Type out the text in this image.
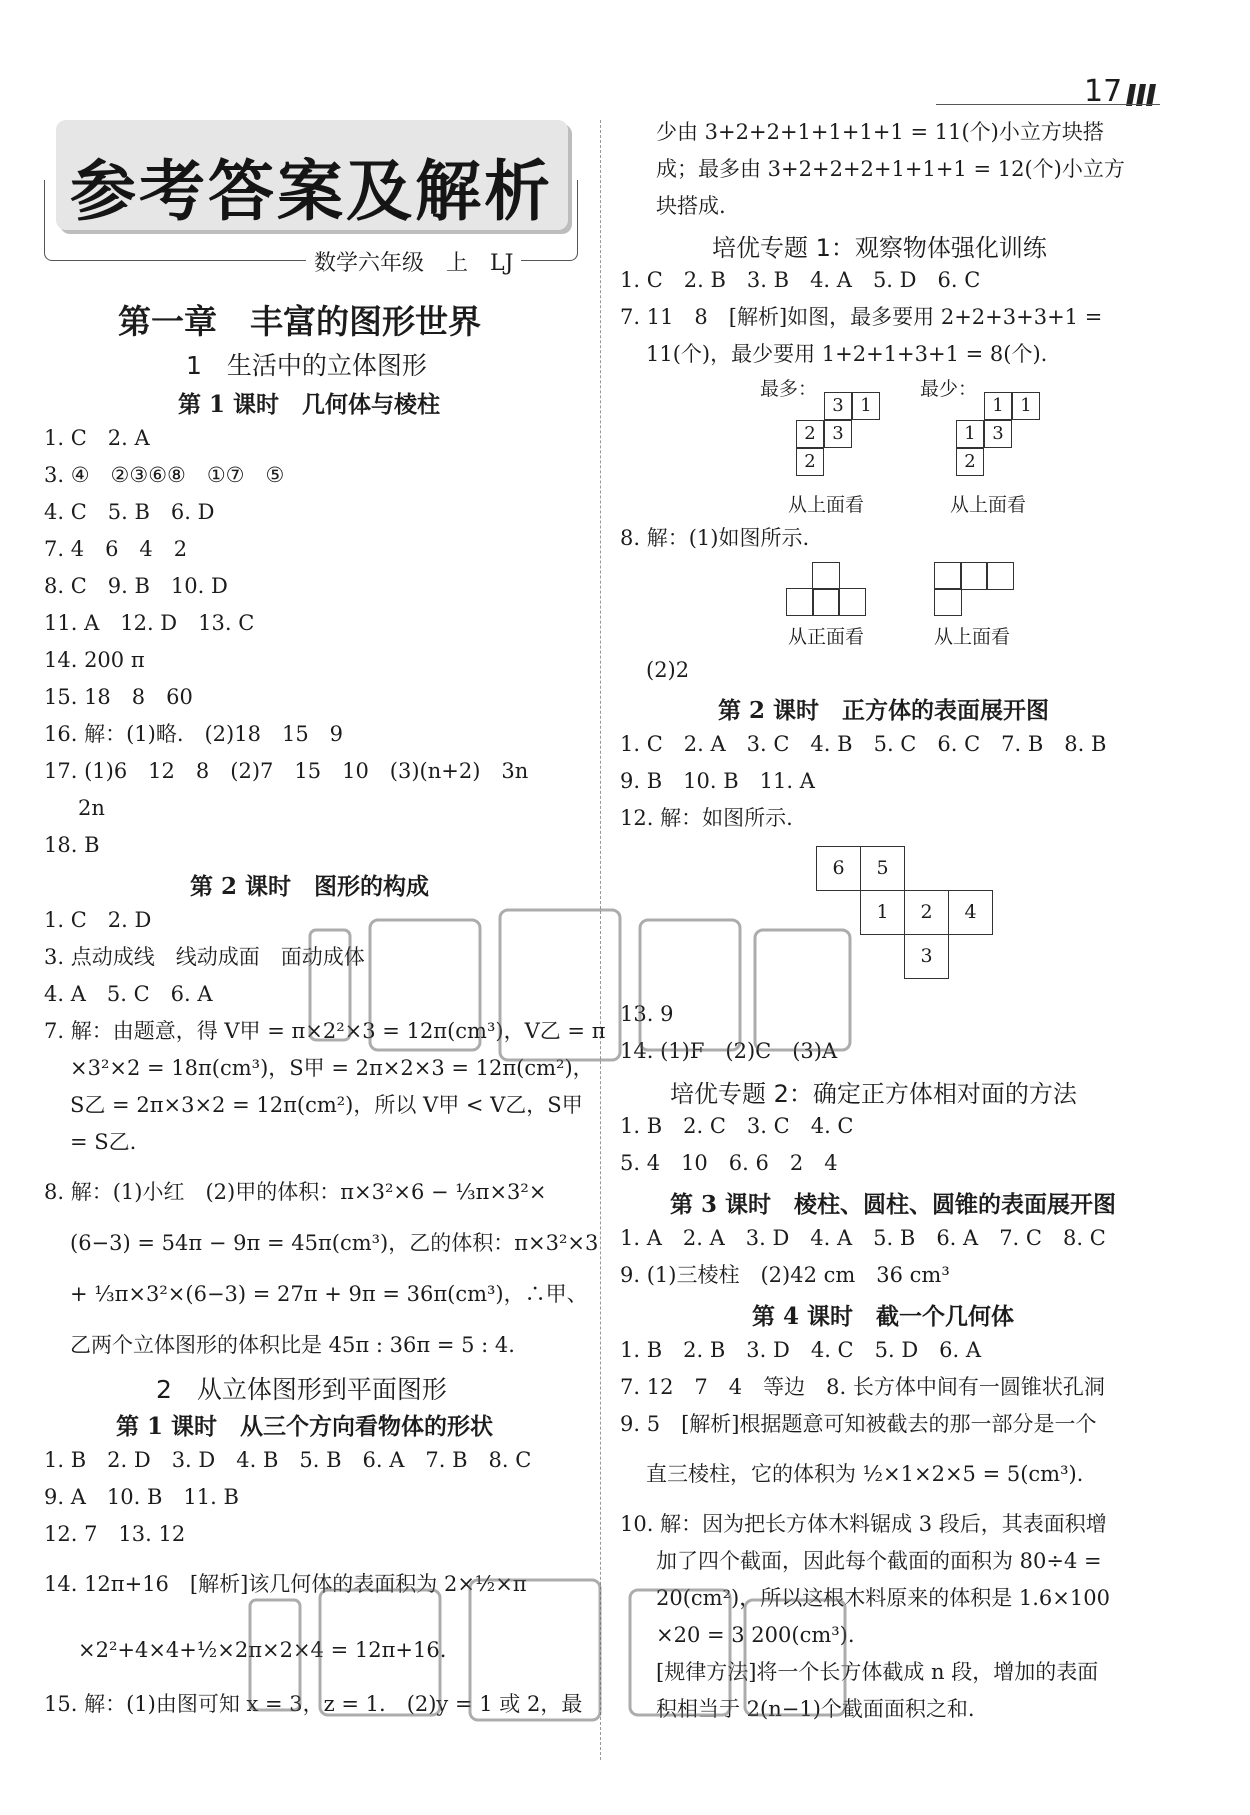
17
参考答案及解析
数学六年级　上　LJ
第一章　丰富的图形世界
1　生活中的立体图形
第 1 课时　几何体与棱柱
1. C　2. A
3. ④　②③⑥⑧　①⑦　⑤
4. C　5. B　6. D
7. 4　6　4　2
8. C　9. B　10. D
11. A　12. D　13. C
14. 200 π
15. 18　8　60
16. 解：(1)略.　(2)18　15　9
17. (1)6　12　8　(2)7　15　10　(3)(n+2)　3n
2n
18. B
第 2 课时　图形的构成
1. C　2. D
3. 点动成线　线动成面　面动成体
4. A　5. C　6. A
7. 解：由题意，得 V甲 = π×2²×3 = 12π(cm³)，V乙 = π
×3²×2 = 18π(cm³)，S甲 = 2π×2×3 = 12π(cm²)，
S乙 = 2π×3×2 = 12π(cm²)，所以 V甲 < V乙，S甲
= S乙.
8. 解：(1)小红　(2)甲的体积：π×3²×6 − ⅓π×3²×
(6−3) = 54π − 9π = 45π(cm³)，乙的体积：π×3²×3
+ ⅓π×3²×(6−3) = 27π + 9π = 36π(cm³)，∴甲、
乙两个立体图形的体积比是 45π : 36π = 5 : 4.
2　从立体图形到平面图形
第 1 课时　从三个方向看物体的形状
1. B　2. D　3. D　4. B　5. B　6. A　7. B　8. C
9. A　10. B　11. B
12. 7　13. 12
14. 12π+16　[解析]该几何体的表面积为 2×½×π
×2²+4×4+½×2π×2×4 = 12π+16.
15. 解：(1)由图可知 x = 3，z = 1.　(2)y = 1 或 2，最
少由 3+2+2+1+1+1+1 = 11(个)小立方块搭
成；最多由 3+2+2+2+1+1+1 = 12(个)小立方
块搭成.
培优专题 1：观察物体强化训练
1. C　2. B　3. B　4. A　5. D　6. C
7. 11　8　[解析]如图，最多要用 2+2+3+3+1 =
11(个)，最少要用 1+2+1+3+1 = 8(个).
最多：	最少：
3 1
2 3
2
1 1
1 3
2
从上面看	从上面看
8. 解：(1)如图所示.
从正面看	从上面看
(2)2
第 2 课时　正方体的表面展开图
1. C　2. A　3. C　4. B　5. C　6. C　7. B　8. B
9. B　10. B　11. A
12. 解：如图所示.
6	5
1	2	4
3
13. 9
14. (1)F　(2)C　(3)A
培优专题 2：确定正方体相对面的方法
1. B　2. C　3. C　4. C
5. 4　10　6. 6　2　4
第 3 课时　棱柱、圆柱、圆锥的表面展开图
1. A　2. A　3. D　4. A　5. B　6. A　7. C　8. C
9. (1)三棱柱　(2)42 cm　36 cm³
第 4 课时　截一个几何体
1. B　2. B　3. D　4. C　5. D　6. A
7. 12　7　4　等边　8. 长方体中间有一圆锥状孔洞
9. 5　[解析]根据题意可知被截去的那一部分是一个
直三棱柱，它的体积为 ½×1×2×5 = 5(cm³).
10. 解：因为把长方体木料锯成 3 段后，其表面积增
加了四个截面，因此每个截面的面积为 80÷4 =
20(cm²)，所以这根木料原来的体积是 1.6×100
×20 = 3 200(cm³).
[规律方法]将一个长方体截成 n 段，增加的表面
积相当于 2(n−1)个截面面积之和.
